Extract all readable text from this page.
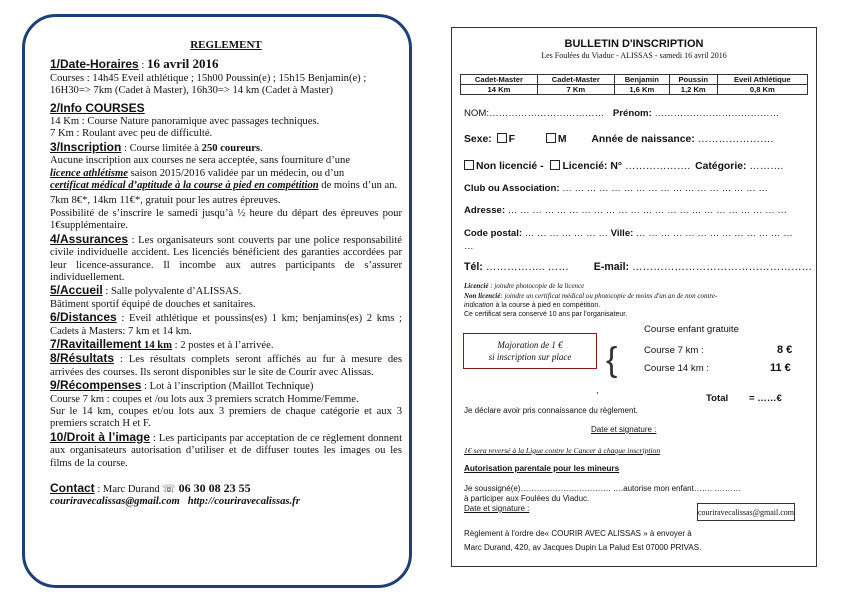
REGLEMENT

1/Date-Horaires : 16 avril 2016

Courses : 14h45 Eveil athlétique ; 15h00 Poussin(e) ; 15h15 Benjamin(e) ;

16H30=> 7km (Cadet à Master), 16h30=> 14 km (Cadet à Master)

2/Info COURSES

14 Km : Course Nature panoramique avec passages techniques.

7 Km : Roulant avec peu de difficulté.

3/Inscription : Course limitée à 250 coureurs.

Aucune inscription aux courses ne sera acceptée, sans fourniture d’une

licence athlétisme saison 2015/2016 validée par un médecin, ou d’un

certificat médical d’aptitude à la course à pied en compétition de moins d’un an.

7km 8€*, 14km 11€*, gratuit pour les autres épreuves.

Possibilité de s’inscrire le samedi jusqu’à ½ heure du départ des épreuves pour 1€supplémentaire.

4/Assurances : Les organisateurs sont couverts par une police responsabilité civile individuelle accident. Les licenciés bénéficient des garanties accordées par leur licence-assurance. Il incombe aux autres participants de s’assurer individuellement.

5/Accueil : Salle polyvalente d’ALISSAS.

Bâtiment sportif équipé de douches et sanitaires.

6/Distances : Eveil athlétique et poussins(es) 1 km; benjamins(es) 2 kms ; Cadets à Masters: 7 km et 14 km.

7/Ravitaillement 14 km : 2 postes et à l’arrivée.

8/Résultats : Les résultats complets seront affichés au fur à mesure des arrivées des courses. Ils seront disponibles sur le site de Courir avec Alissas.

9/Récompenses : Lot à l’inscription (Maillot Technique)

Course 7 km : coupes et /ou lots aux 3 premiers scratch Homme/Femme.

Sur le 14 km, coupes et/ou lots aux 3 premiers de chaque catégorie et aux 3 premiers scratch H et F.

10/Droit à l’image : Les participants par acceptation de ce règlement donnent aux organisateurs autorisation d’utiliser et de diffuser toutes les images ou les films de la course.

Contact : Marc Durand ☏ 06 30 08 23 55

couriravecalissas@gmail.com http://couriravecalissas.fr

BULLETIN D'INSCRIPTION
Les Foulées du Viaduc - ALISSAS - samedi 16 avril 2016
Cadet-Master	Cadet-Master	Benjamin	Poussin	Eveil Athlétique
14 Km	7 Km	1,6 Km	1,2 Km	0,8 Km
NOM:……………………………… Prénom: …………………………………
Sexe: F	M Année de naissance: ………………….
Non licencié - Licencié: N° ………………. Catégorie: ……….
Club ou Association: … … … … … … … … … … … … … … … … …
Adresse: … … … … … … … … … … … … … … … … … … … … … … …
Code postal: … … … … … … … Ville: … … … … … … … … … … … … …
…
Tél: …………….. …… E-mail: ……………………………………………
Licencié : joindre photocopie de la licence
Non licencié: joindre un certificat médical ou photocopie de moins d'un an de non contre-
indication à la course à pied en compétition.
Ce certificat sera conservé 10 ans par l'organisateur.
Course enfant gratuite
Majoration de 1 €
si inscription sur place	{	Course 7 km :	8 €
Course 14 km :	11 €
,
Total = ……€
Je déclare avoir pris connaissance du règlement.
Date et signature :
1€ sera reversé à la Ligue contre le Cancer à chaque inscription
Autorisation parentale pour les mineurs
Je soussigné(e)……………………………. ….autorise mon enfant……. ……….
à participer aux Foulées du Viaduc.
Date et signature :	couriravecalissas@gmail.com
Règlement à l'ordre de« COURIR AVEC ALISSAS » à envoyer à
Marc Durand, 420, av Jacques Dupin La Palud Est 07000 PRIVAS.
